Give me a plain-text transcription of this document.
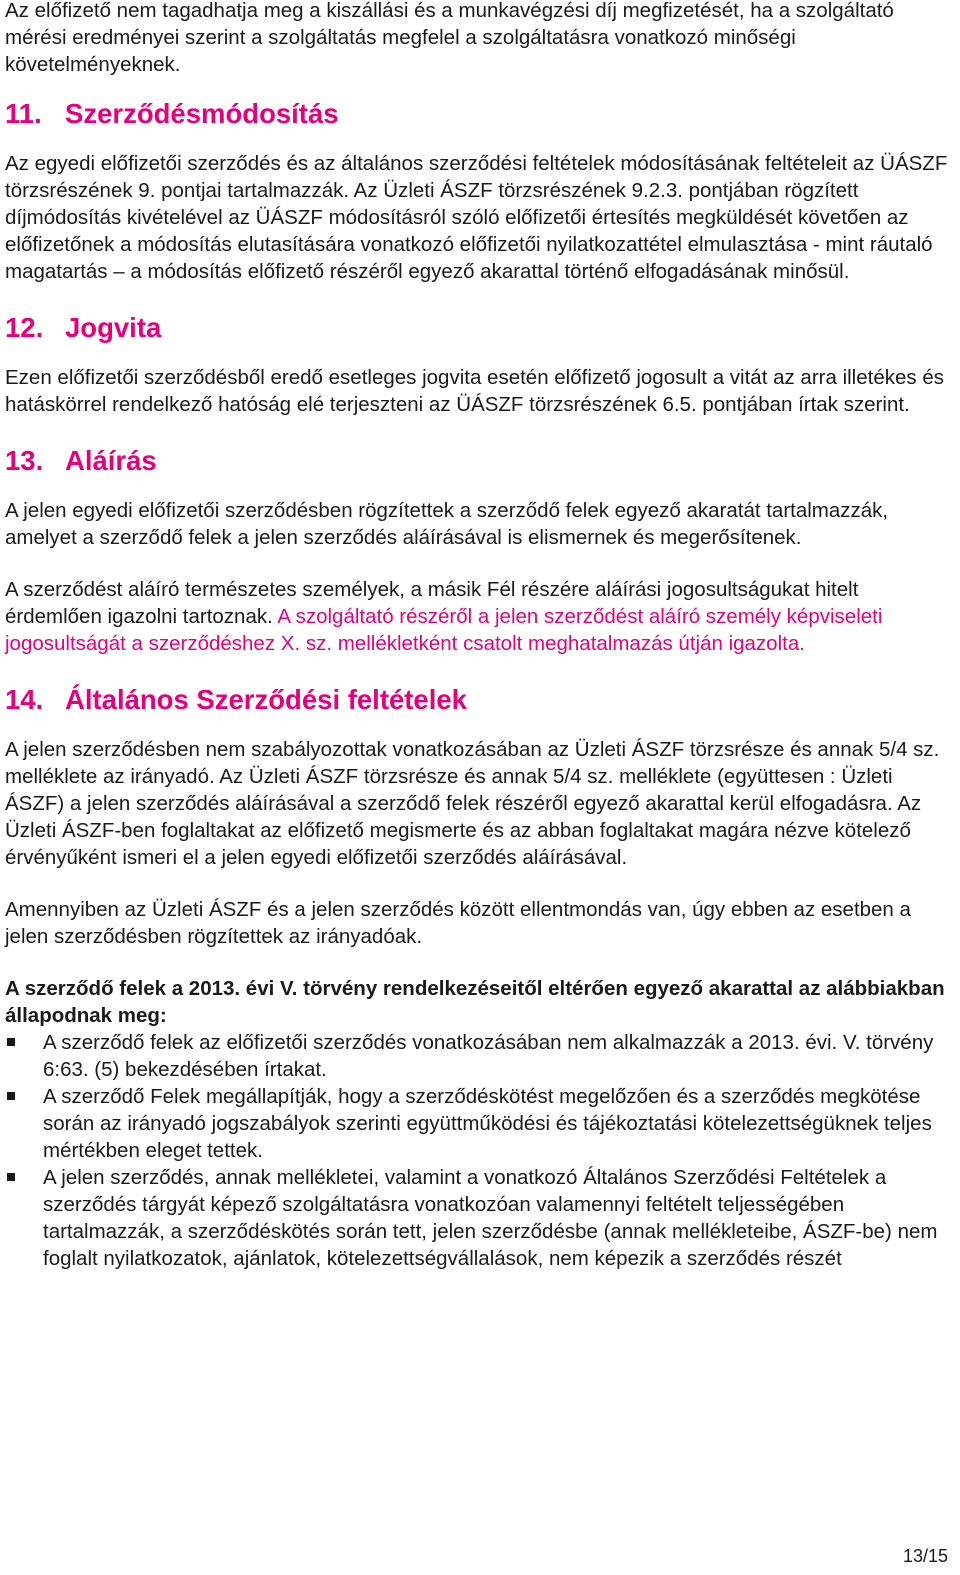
Az előfizető nem tagadhatja meg a kiszállási és a munkavégzési díj megfizetését, ha a szolgáltató mérési eredményei szerint a szolgáltatás megfelel a szolgáltatásra vonatkozó minőségi követelményeknek.

11. Szerződésmódosítás

Az egyedi előfizetői szerződés és az általános szerződési feltételek módosításának feltételeit az ÜÁSZF törzsrészének 9. pontjai tartalmazzák. Az Üzleti ÁSZF törzsrészének 9.2.3. pontjában rögzített díjmódosítás kivételével az ÜÁSZF módosításról szóló előfizetői értesítés megküldését követően az előfizetőnek a módosítás elutasítására vonatkozó előfizetői nyilatkozattétel elmulasztása - mint ráutaló magatartás – a módosítás előfizető részéről egyező akarattal történő elfogadásának minősül.

12. Jogvita

Ezen előfizetői szerződésből eredő esetleges jogvita esetén előfizető jogosult a vitát az arra illetékes és hatáskörrel rendelkező hatóság elé terjeszteni az ÜÁSZF törzsrészének 6.5. pontjában írtak szerint.

13. Aláírás

A jelen egyedi előfizetői szerződésben rögzítettek a szerződő felek egyező akaratát tartalmazzák, amelyet a szerződő felek a jelen szerződés aláírásával is elismernek és megerősítenek.

A szerződést aláíró természetes személyek, a másik Fél részére aláírási jogosultságukat hitelt érdemlően igazolni tartoznak. A szolgáltató részéről a jelen szerződést aláíró személy képviseleti jogosultságát a szerződéshez X. sz. mellékletként csatolt meghatalmazás útján igazolta.

14. Általános Szerződési feltételek

A jelen szerződésben nem szabályozottak vonatkozásában az Üzleti ÁSZF törzsrésze és annak 5/4 sz. melléklete az irányadó. Az Üzleti ÁSZF törzsrésze és annak 5/4 sz. melléklete (együttesen : Üzleti ÁSZF) a jelen szerződés aláírásával a szerződő felek részéről egyező akarattal kerül elfogadásra. Az Üzleti ÁSZF-ben foglaltakat az előfizető megismerte és az abban foglaltakat magára nézve kötelező érvényűként ismeri el a jelen egyedi előfizetői szerződés aláírásával.

Amennyiben az Üzleti ÁSZF és a jelen szerződés között ellentmondás van, úgy ebben az esetben a jelen szerződésben rögzítettek az irányadóak.

A szerződő felek a 2013. évi V. törvény rendelkezéseitől eltérően egyező akarattal az alábbiakban állapodnak meg:

A szerződő felek az előfizetői szerződés vonatkozásában nem alkalmazzák a 2013. évi. V. törvény 6:63. (5) bekezdésében írtakat.
A szerződő Felek megállapítják, hogy a szerződéskötést megelőzően és a szerződés megkötése során az irányadó jogszabályok szerinti együttműködési és tájékoztatási kötelezettségüknek teljes mértékben eleget tettek.
A jelen szerződés, annak mellékletei, valamint a vonatkozó Általános Szerződési Feltételek a szerződés tárgyát képező szolgáltatásra vonatkozóan valamennyi feltételt teljességében tartalmazzák, a szerződéskötés során tett, jelen szerződésbe (annak mellékleteibe, ÁSZF-be) nem foglalt nyilatkozatok, ajánlatok, kötelezettségvállalások, nem képezik a szerződés részét
13/15
